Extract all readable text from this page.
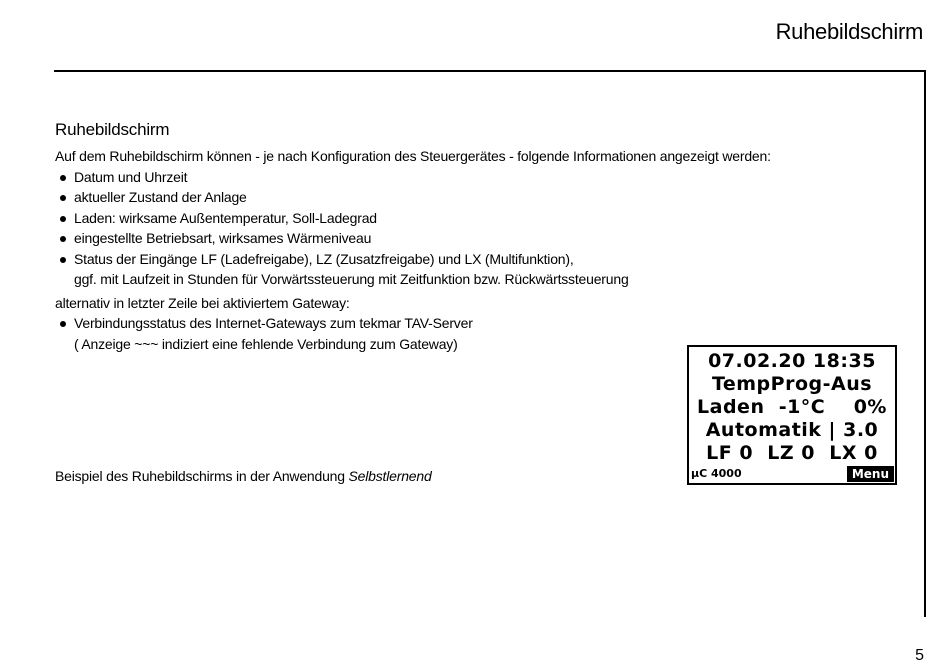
Ruhebildschirm
Ruhebildschirm

Auf dem Ruhebildschirm können - je nach Konfiguration des Steuergerätes - folgende Informationen angezeigt werden:

Datum und Uhrzeit
aktueller Zustand der Anlage
Laden: wirksame Außentemperatur, Soll-Ladegrad
eingestellte Betriebsart, wirksames Wärmeniveau
Status der Eingänge LF (Ladefreigabe), LZ (Zusatzfreigabe) und LX (Multifunktion),
ggf. mit Laufzeit in Stunden für Vorwärtssteuerung mit Zeitfunktion bzw. Rückwärtssteuerung

alternativ in letzter Zeile bei aktiviertem Gateway:

Verbindungsstatus des Internet-Gateways zum tekmar TAV-Server
( Anzeige ~~~ indiziert eine fehlende Verbindung zum Gateway)
07.02.20 18:35
TempProg-Aus
Laden  -1°C    0%
Automatik | 3.0
LF 0  LZ 0  LX 0
µC 4000	Menu
Beispiel des Ruhebildschirms in der Anwendung Selbstlernend
5
